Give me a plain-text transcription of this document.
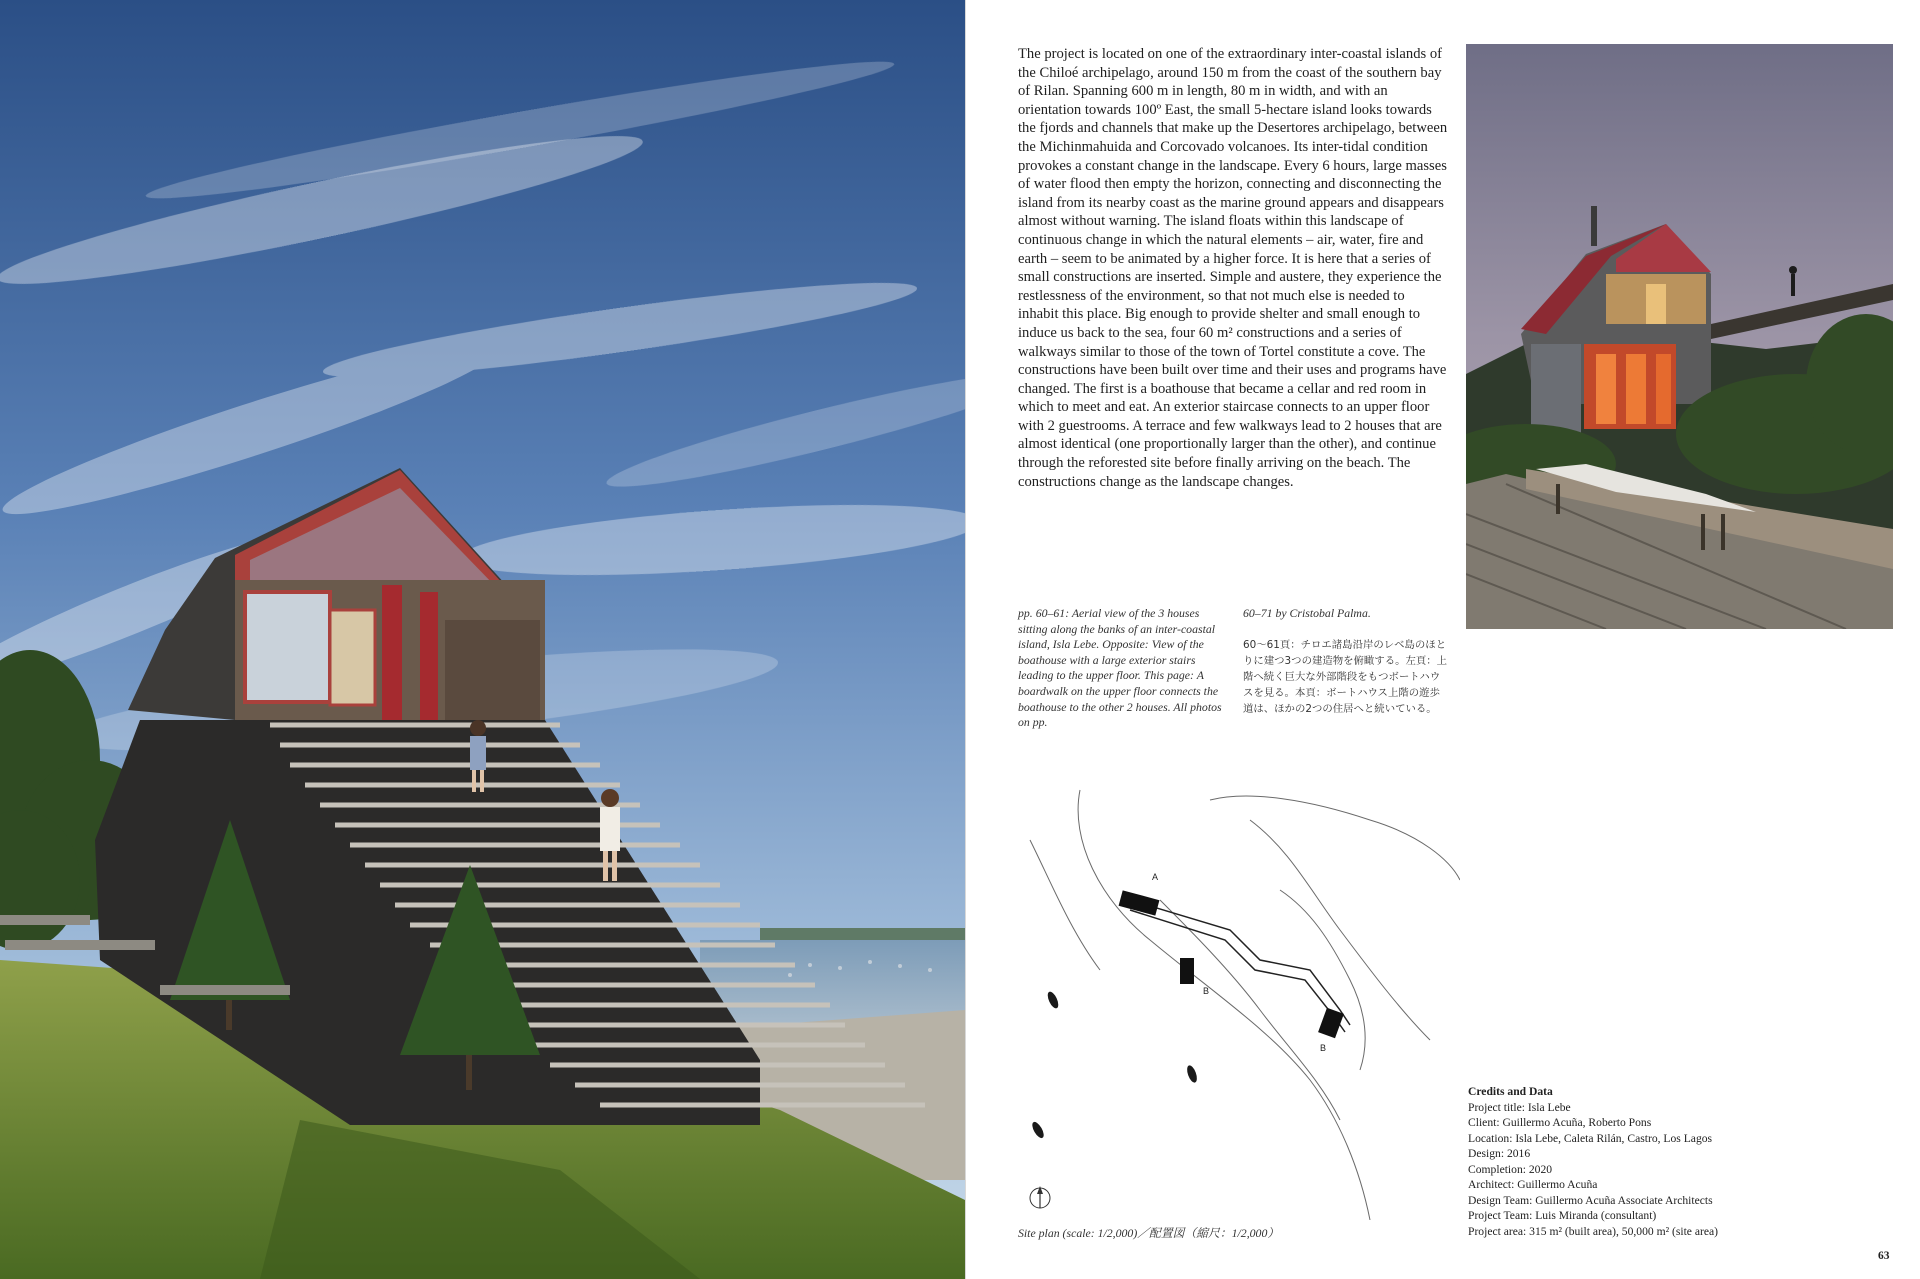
The project is located on one of the extraordinary inter-coastal islands of the Chiloé archipelago, around 150 m from the coast of the southern bay of Rilan. Spanning 600 m in length, 80 m in width, and with an orientation towards 100º East, the small 5-hectare island looks towards the fjords and channels that make up the Desertores archipelago, between the Michinmahuida and Corcovado volcanoes. Its inter-tidal condition provokes a constant change in the landscape. Every 6 hours, large masses of water flood then empty the horizon, connecting and disconnecting the island from its nearby coast as the marine ground appears and disappears almost without warning. The island floats within this landscape of continuous change in which the natural elements – air, water, fire and earth – seem to be animated by a higher force. It is here that a series of small constructions are inserted. Simple and austere, they experience the restlessness of the environment, so that not much else is needed to inhabit this place. Big enough to provide shelter and small enough to induce us back to the sea, four 60 m² constructions and a series of walkways similar to those of the town of Tortel constitute a cove. The constructions have been built over time and their uses and programs have changed. The first is a boathouse that became a cellar and red room in which to meet and eat. An exterior staircase connects to an upper floor with 2 guestrooms. A terrace and few walkways lead to 2 houses that are almost identical (one proportionally larger than the other), and continue through the reforested site before finally arriving on the beach. The constructions change as the landscape changes.

pp. 60–61: Aerial view of the 3 houses sitting along the banks of an inter-coastal island, Isla Lebe. Opposite: View of the boathouse with a large exterior stairs leading to the upper floor. This page: A boardwalk on the upper floor connects the boathouse to the other 2 houses. All photos on pp.

60–71 by Cristobal Palma.

60〜61頁：チロエ諸島沿岸のレベ島のほとりに建つ3つの建造物を俯瞰する。左頁：上階へ続く巨大な外部階段をもつボートハウスを見る。本頁：ボートハウス上階の遊歩道は、ほかの2つの住居へと続いている。

A
B
B

Site plan (scale: 1/2,000)／配置図（縮尺：1/2,000）

Credits and Data
Project title: Isla Lebe
Client: Guillermo Acuña, Roberto Pons
Location: Isla Lebe, Caleta Rilán, Castro, Los Lagos
Design: 2016
Completion: 2020
Architect: Guillermo Acuña
Design Team: Guillermo Acuña Associate Architects
Project Team: Luis Miranda (consultant)
Project area: 315 m² (built area), 50,000 m² (site area)
63
